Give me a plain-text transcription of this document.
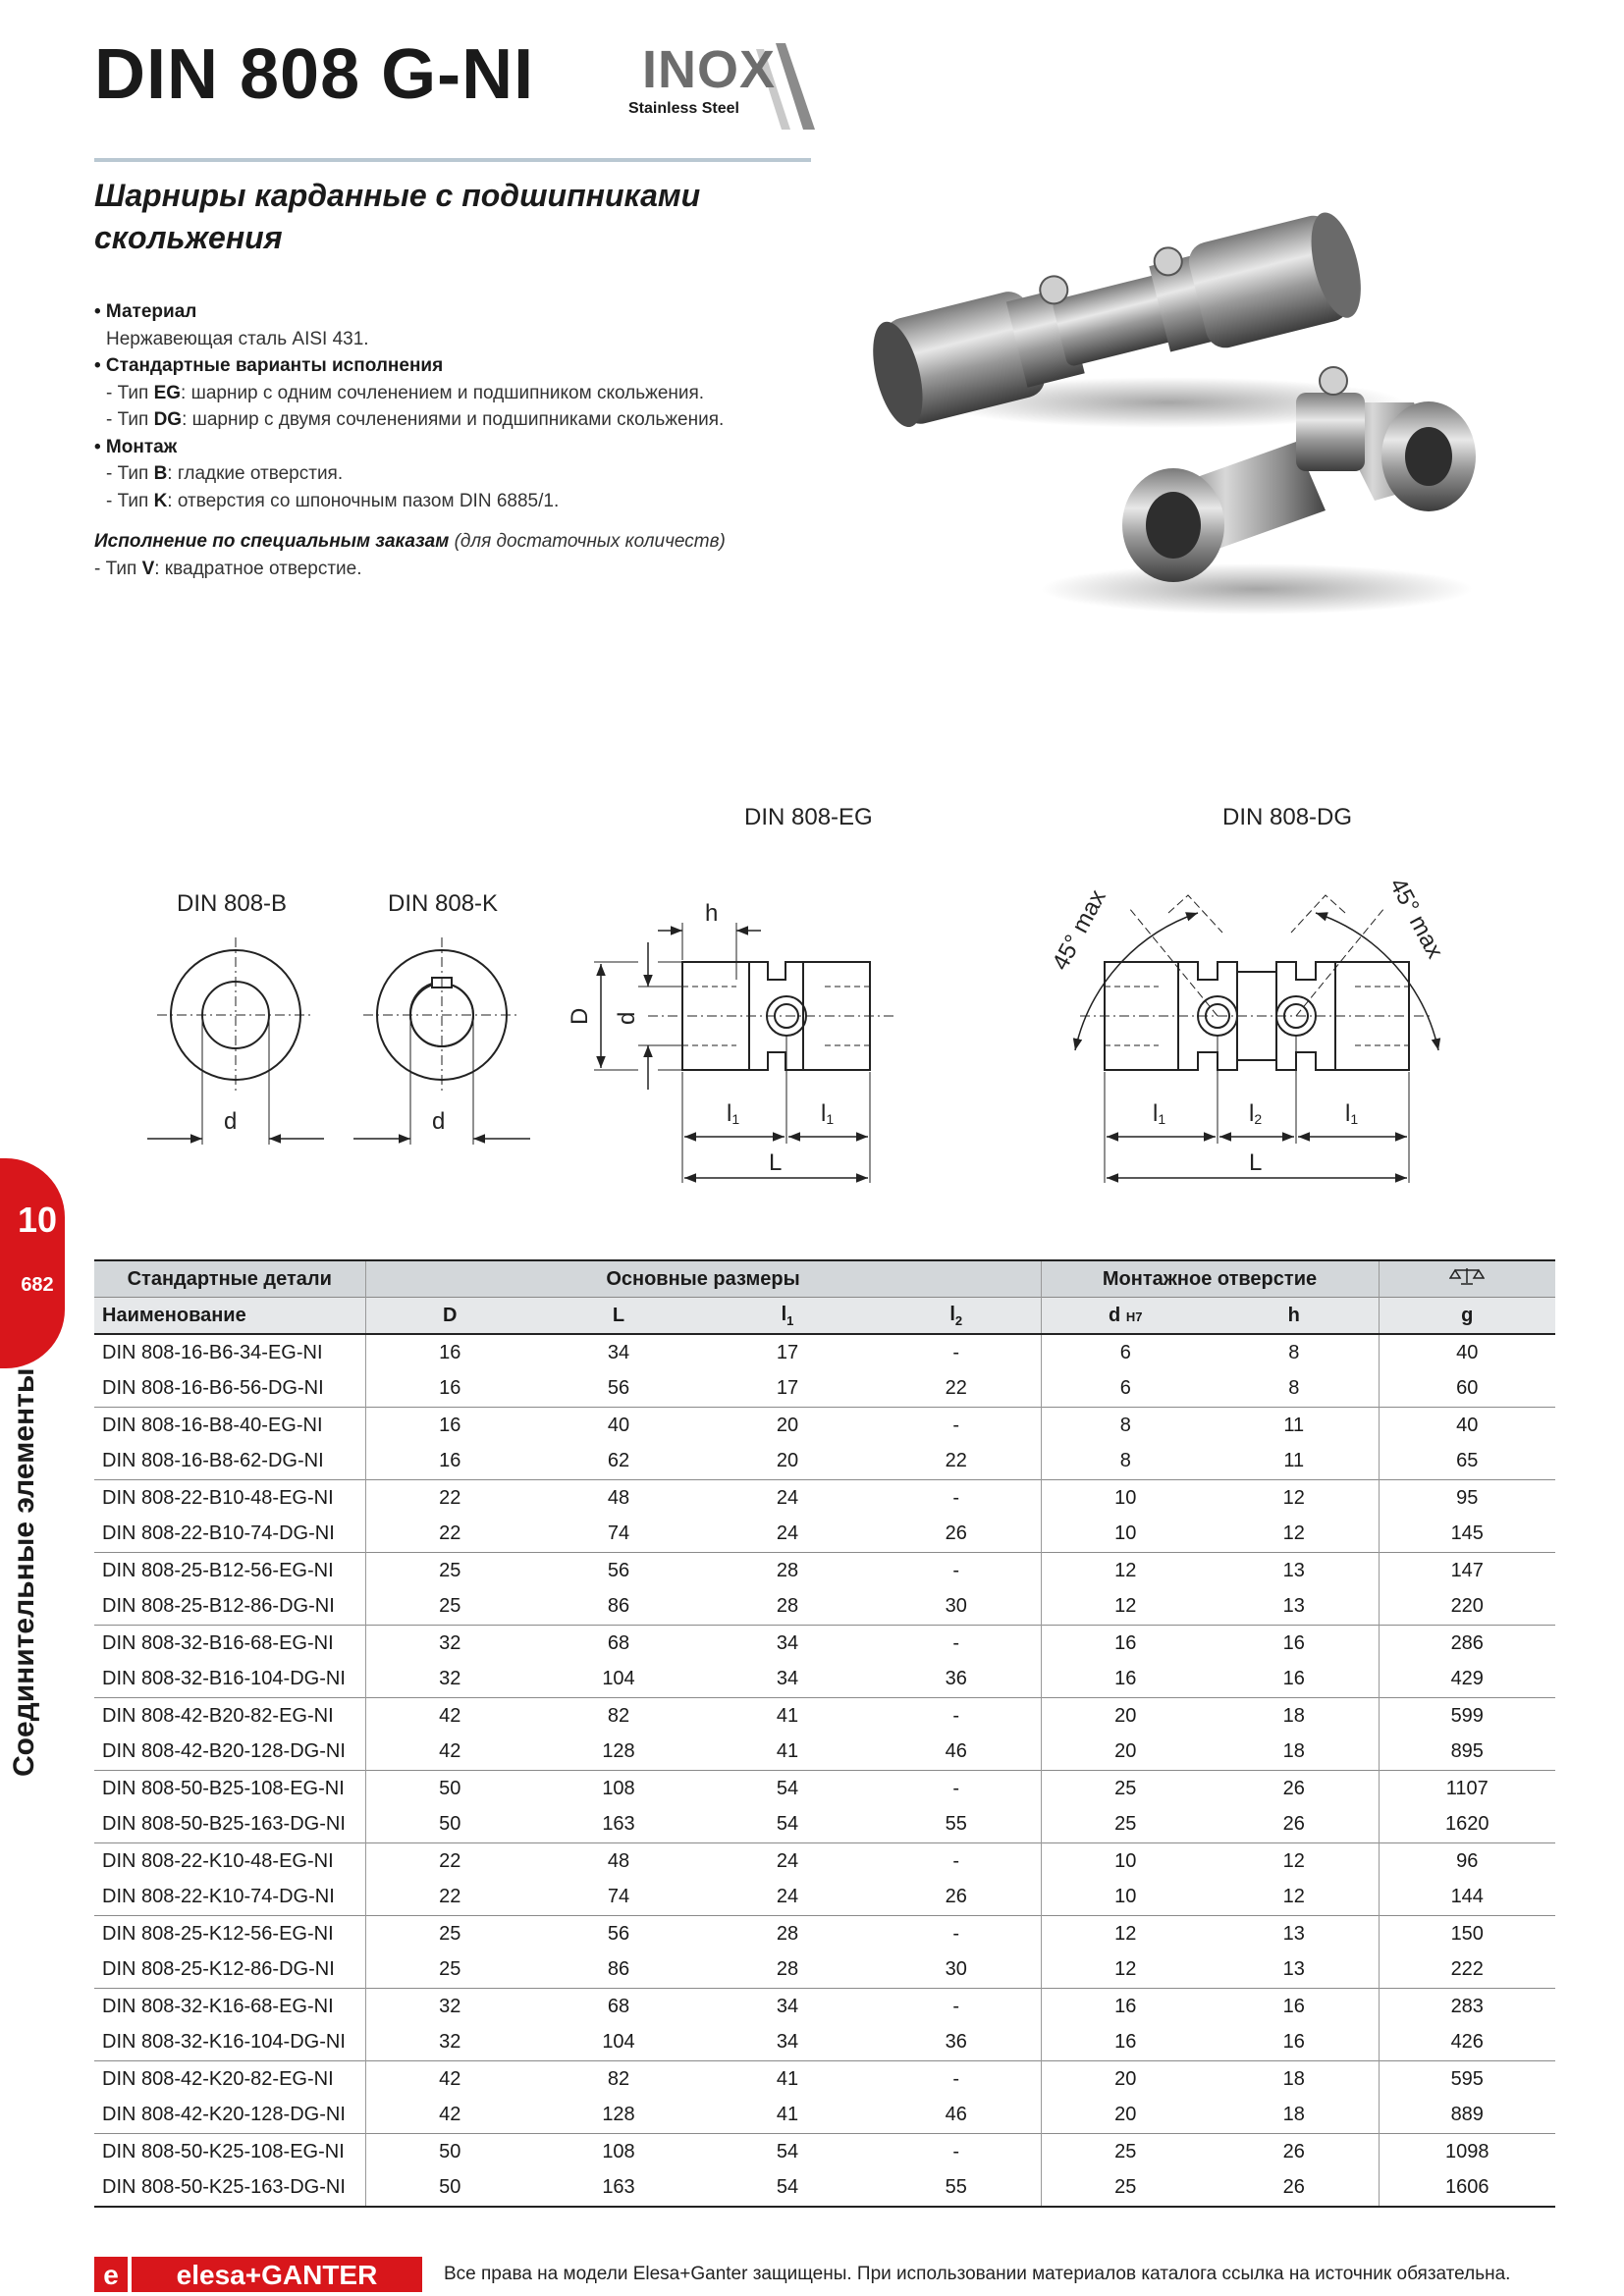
DIN 808 G-NI INOX
Stainless Steel
Шарниры карданные с подшипниками
скольжения
• Материал
Нержавеющая сталь AISI 431.
• Стандартные варианты исполнения
- Тип EG: шарнир с одним сочленением и подшипником скольжения.
- Тип DG: шарнир с двумя сочленениями и подшипниками скольжения.
• Монтаж
- Тип B: гладкие отверстия.
- Тип K: отверстия со шпоночным пазом DIN 6885/1.
Исполнение по специальным заказам (для достаточных количеств)
- Тип V: квадратное отверстие.
DIN 808-EG	DIN 808-DG
DIN 808-B	DIN 808-K
d	d
h
D d
l1	l1
L
l1	l2	l1
L
45° max	45° max
10
682
Соединительные элементы
Стандартные детали	Основные размеры				Монтажное отверстие	
Наименование	D	L	$l_1$	$l_2$	d H7	h	g
DIN 808-16-B6-34-EG-NI	16	34	17	-	6	8	40
DIN 808-16-B6-56-DG-NI	16	56	17	22	6	8	60
DIN 808-16-B8-40-EG-NI	16	40	20	-	8	11	40
DIN 808-16-B8-62-DG-NI	16	62	20	22	8	11	65
DIN 808-22-B10-48-EG-NI	22	48	24	-	10	12	95
DIN 808-22-B10-74-DG-NI	22	74	24	26	10	12	145
DIN 808-25-B12-56-EG-NI	25	56	28	-	12	13	147
DIN 808-25-B12-86-DG-NI	25	86	28	30	12	13	220
DIN 808-32-B16-68-EG-NI	32	68	34	-	16	16	286
DIN 808-32-B16-104-DG-NI	32	104	34	36	16	16	429
DIN 808-42-B20-82-EG-NI	42	82	41	-	20	18	599
DIN 808-42-B20-128-DG-NI	42	128	41	46	20	18	895
DIN 808-50-B25-108-EG-NI	50	108	54	-	25	26	1107
DIN 808-50-B25-163-DG-NI	50	163	54	55	25	26	1620
DIN 808-22-K10-48-EG-NI	22	48	24	-	10	12	96
DIN 808-22-K10-74-DG-NI	22	74	24	26	10	12	144
DIN 808-25-K12-56-EG-NI	25	56	28	-	12	13	150
DIN 808-25-K12-86-DG-NI	25	86	28	30	12	13	222
DIN 808-32-K16-68-EG-NI	32	68	34	-	16	16	283
DIN 808-32-K16-104-DG-NI	32	104	34	36	16	16	426
DIN 808-42-K20-82-EG-NI	42	82	41	-	20	18	595
DIN 808-42-K20-128-DG-NI	42	128	41	46	20	18	889
DIN 808-50-K25-108-EG-NI	50	108	54	-	25	26	1098
DIN 808-50-K25-163-DG-NI	50	163	54	55	25	26	1606
e elesa+GANTER	Все права на модели Elesa+Ganter защищены. При использовании материалов каталога ссылка на источник обязательна.
